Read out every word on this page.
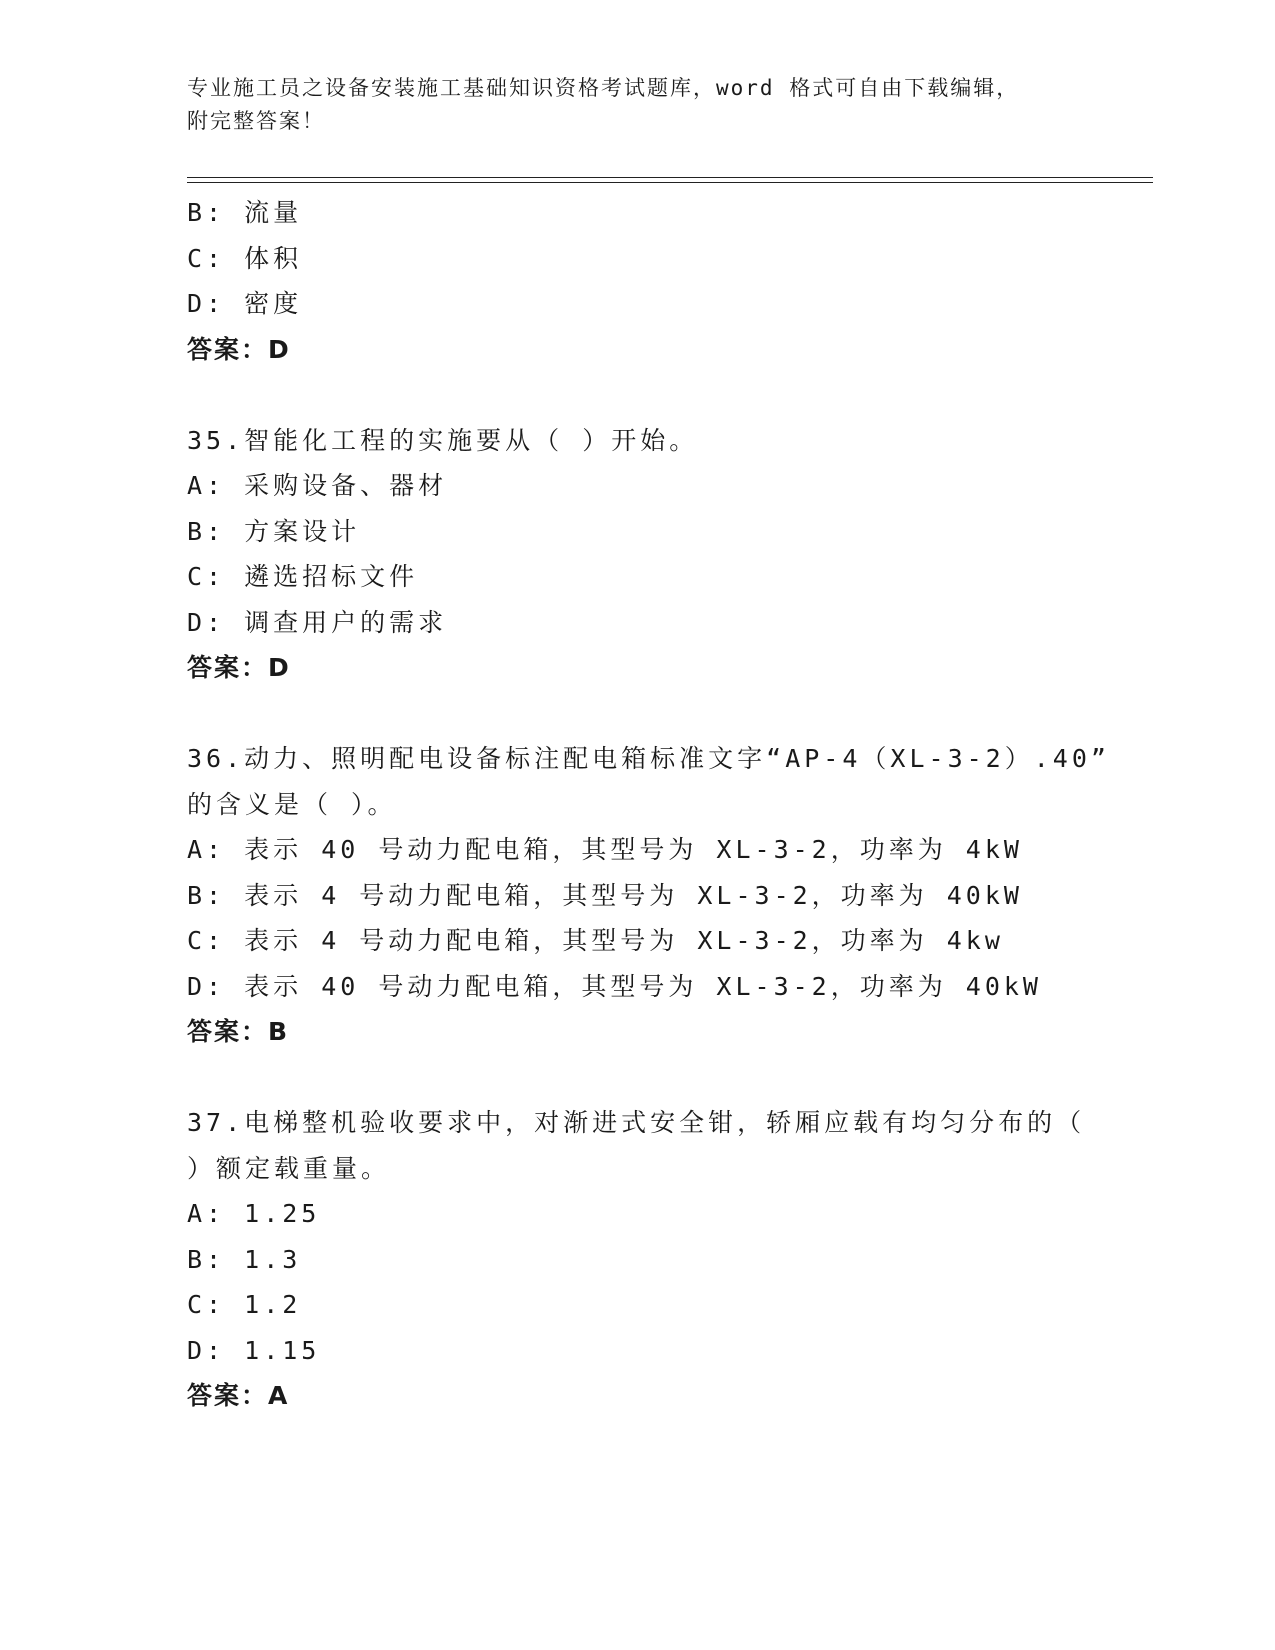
专业施工员之设备安装施工基础知识资格考试题库，word 格式可自由下载编辑，
附完整答案！
B: 流量
C: 体积
D: 密度
答案：D
35.智能化工程的实施要从（ ）开始。
A: 采购设备、器材
B: 方案设计
C: 遴选招标文件
D: 调查用户的需求
答案：D
36.动力、照明配电设备标注配电箱标准文字“AP-4（XL-3-2）.40”
的含义是（ ）。
A: 表示 40 号动力配电箱，其型号为 XL-3-2，功率为 4kW
B: 表示 4 号动力配电箱，其型号为 XL-3-2，功率为 40kW
C: 表示 4 号动力配电箱，其型号为 XL-3-2，功率为 4kw
D: 表示 40 号动力配电箱，其型号为 XL-3-2，功率为 40kW
答案：B
37.电梯整机验收要求中，对渐进式安全钳，轿厢应载有均匀分布的（
）额定载重量。
A: 1.25
B: 1.3
C: 1.2
D: 1.15
答案：A
